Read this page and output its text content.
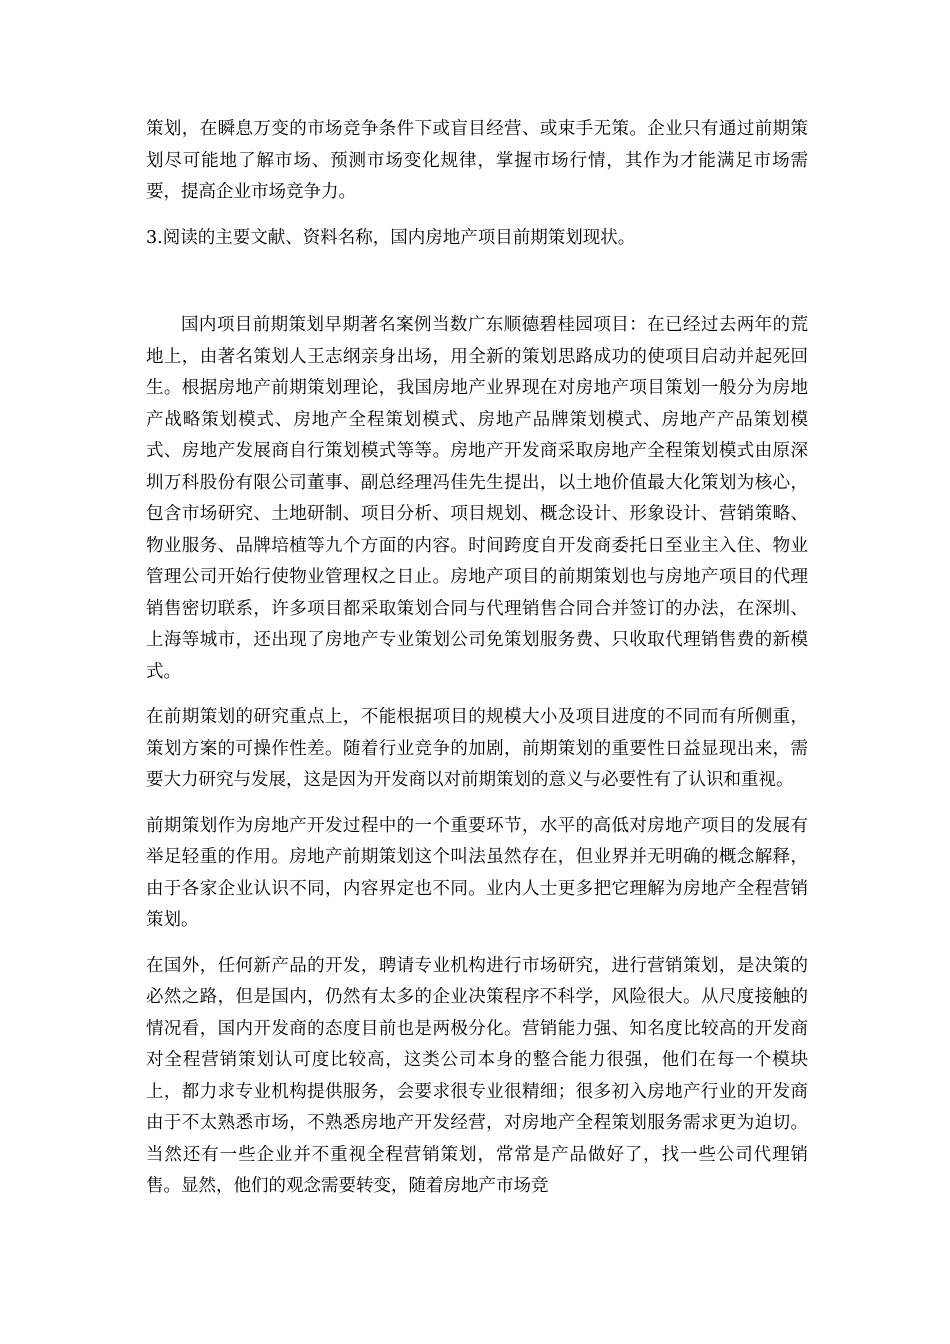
策划，在瞬息万变的市场竞争条件下或盲目经营、或束手无策。企业只有通过前期策划尽可能地了解市场、预测市场变化规律，掌握市场行情，其作为才能满足市场需要，提高企业市场竞争力。

3.阅读的主要文献、资料名称，国内房地产项目前期策划现状。

国内项目前期策划早期著名案例当数广东顺德碧桂园项目：在已经过去两年的荒地上，由著名策划人王志纲亲身出场，用全新的策划思路成功的使项目启动并起死回生。根据房地产前期策划理论，我国房地产业界现在对房地产项目策划一般分为房地产战略策划模式、房地产全程策划模式、房地产品牌策划模式、房地产产品策划模式、房地产发展商自行策划模式等等。房地产开发商采取房地产全程策划模式由原深圳万科股份有限公司董事、副总经理冯佳先生提出，以土地价值最大化策划为核心，包含市场研究、土地研制、项目分析、项目规划、概念设计、形象设计、营销策略、物业服务、品牌培植等九个方面的内容。时间跨度自开发商委托日至业主入住、物业管理公司开始行使物业管理权之日止。房地产项目的前期策划也与房地产项目的代理销售密切联系，许多项目都采取策划合同与代理销售合同合并签订的办法，在深圳、上海等城市，还出现了房地产专业策划公司免策划服务费、只收取代理销售费的新模式。

在前期策划的研究重点上，不能根据项目的规模大小及项目进度的不同而有所侧重，策划方案的可操作性差。随着行业竞争的加剧，前期策划的重要性日益显现出来，需要大力研究与发展，这是因为开发商以对前期策划的意义与必要性有了认识和重视。

前期策划作为房地产开发过程中的一个重要环节，水平的高低对房地产项目的发展有举足轻重的作用。房地产前期策划这个叫法虽然存在，但业界并无明确的概念解释，由于各家企业认识不同，内容界定也不同。业内人士更多把它理解为房地产全程营销策划。

在国外，任何新产品的开发，聘请专业机构进行市场研究，进行营销策划，是决策的必然之路，但是国内，仍然有太多的企业决策程序不科学，风险很大。从尺度接触的情况看，国内开发商的态度目前也是两极分化。营销能力强、知名度比较高的开发商对全程营销策划认可度比较高，这类公司本身的整合能力很强，他们在每一个模块上，都力求专业机构提供服务，会要求很专业很精细；很多初入房地产行业的开发商由于不太熟悉市场，不熟悉房地产开发经营，对房地产全程策划服务需求更为迫切。当然还有一些企业并不重视全程营销策划，常常是产品做好了，找一些公司代理销售。显然，他们的观念需要转变，随着房地产市场竞
